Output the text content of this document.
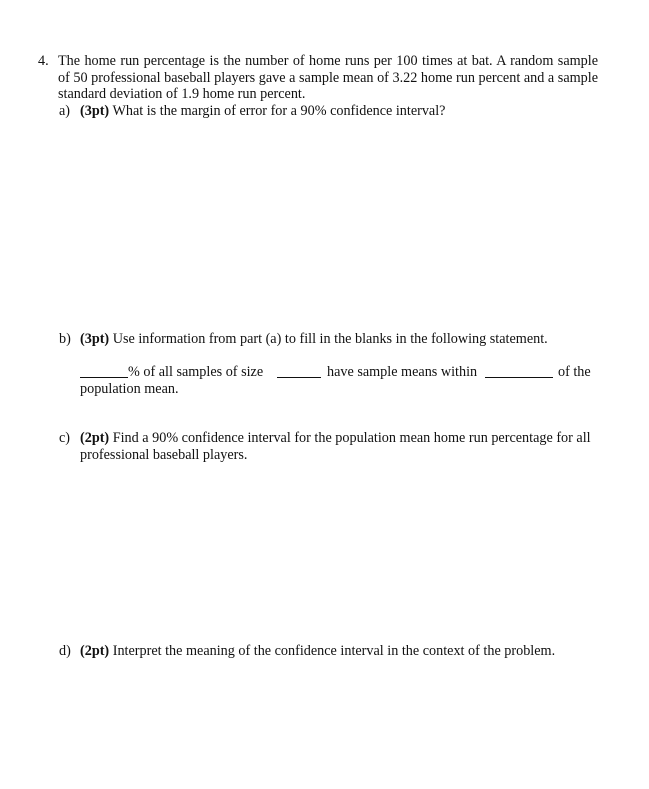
4. The home run percentage is the number of home runs per 100 times at bat. A random sample of 50 professional baseball players gave a sample mean of 3.22 home run percent and a sample standard deviation of 1.9 home run percent.
a) (3pt) What is the margin of error for a 90% confidence interval?
b) (3pt) Use information from part (a) to fill in the blanks in the following statement.
% of all samples of size	have sample means within	of the
population mean.
c) (2pt) Find a 90% confidence interval for the population mean home run percentage for all professional baseball players.
d) (2pt) Interpret the meaning of the confidence interval in the context of the problem.
